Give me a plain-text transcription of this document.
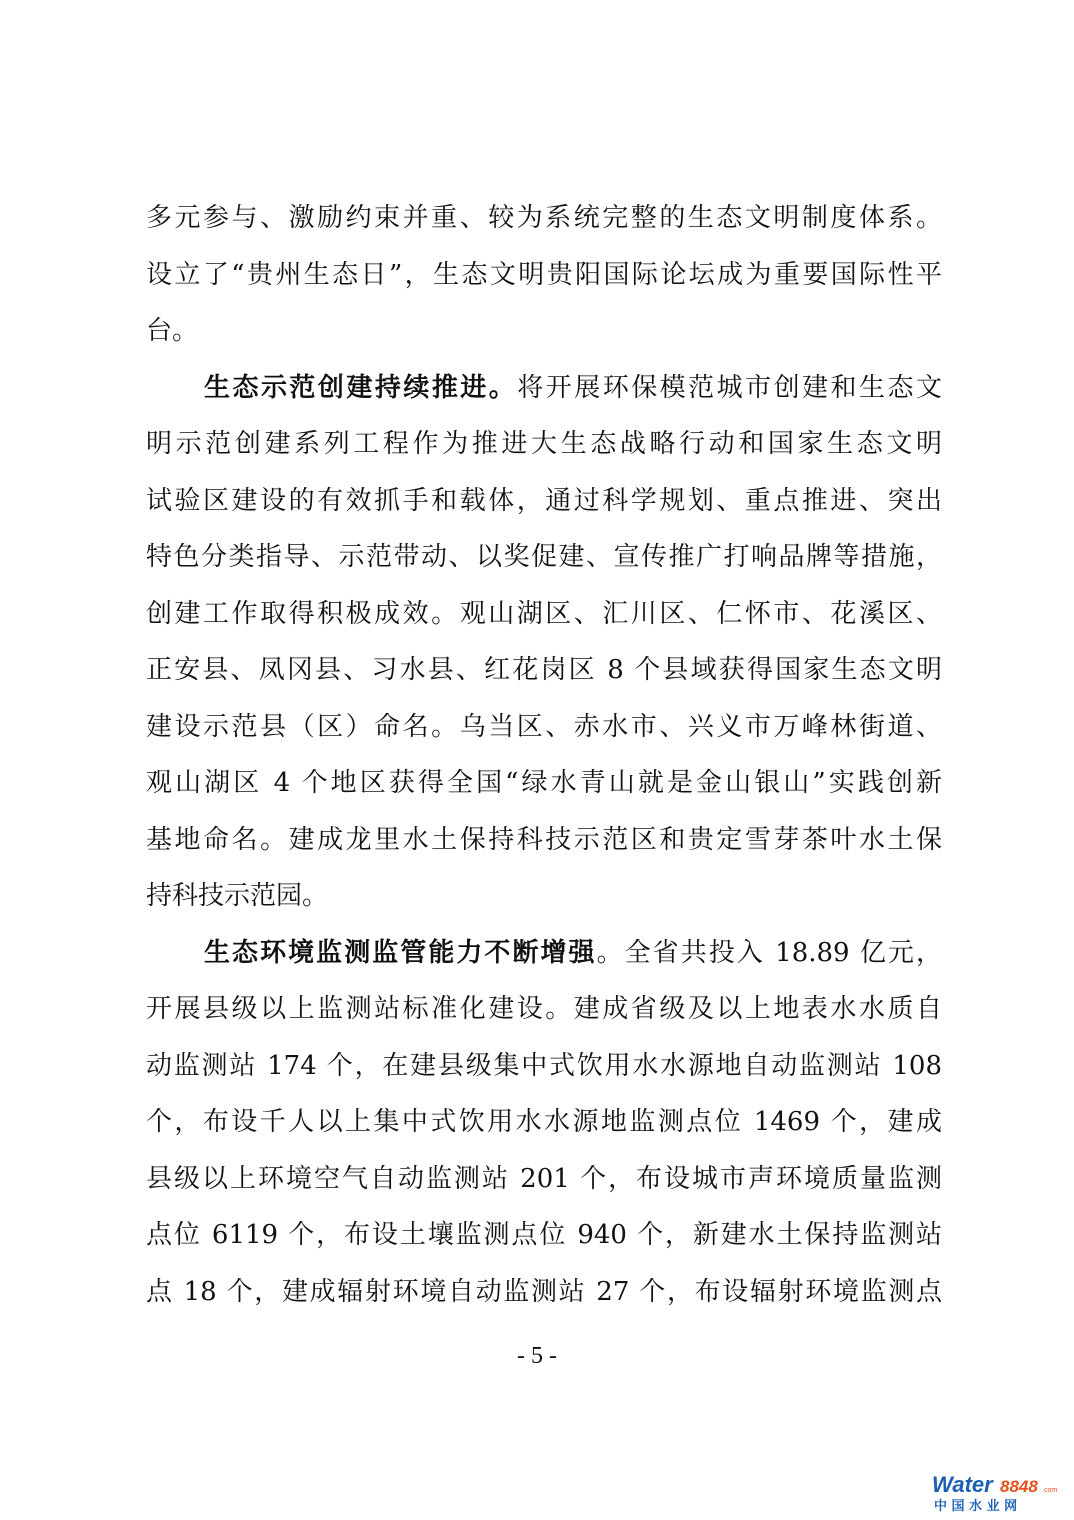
多元参与、激励约束并重、较为系统完整的生态文明制度体系。
设立了“贵州生态日”，生态文明贵阳国际论坛成为重要国际性平
台。
生态示范创建持续推进。将开展环保模范城市创建和生态文
明示范创建系列工程作为推进大生态战略行动和国家生态文明
试验区建设的有效抓手和载体，通过科学规划、重点推进、突出
特色分类指导、示范带动、以奖促建、宣传推广打响品牌等措施，
创建工作取得积极成效。观山湖区、汇川区、仁怀市、花溪区、
正安县、凤冈县、习水县、红花岗区 8 个县域获得国家生态文明
建设示范县（区）命名。乌当区、赤水市、兴义市万峰林街道、
观山湖区 4 个地区获得全国“绿水青山就是金山银山”实践创新
基地命名。建成龙里水土保持科技示范区和贵定雪芽茶叶水土保
持科技示范园。
生态环境监测监管能力不断增强。全省共投入 18.89 亿元，
开展县级以上监测站标准化建设。建成省级及以上地表水水质自
动监测站 174 个，在建县级集中式饮用水水源地自动监测站 108
个，布设千人以上集中式饮用水水源地监测点位 1469 个，建成
县级以上环境空气自动监测站 201 个，布设城市声环境质量监测
点位 6119 个，布设土壤监测点位 940 个，新建水土保持监测站
点 18 个，建成辐射环境自动监测站 27 个，布设辐射环境监测点
- 5 -
Water 8848 .com
中 国 水 业 网
